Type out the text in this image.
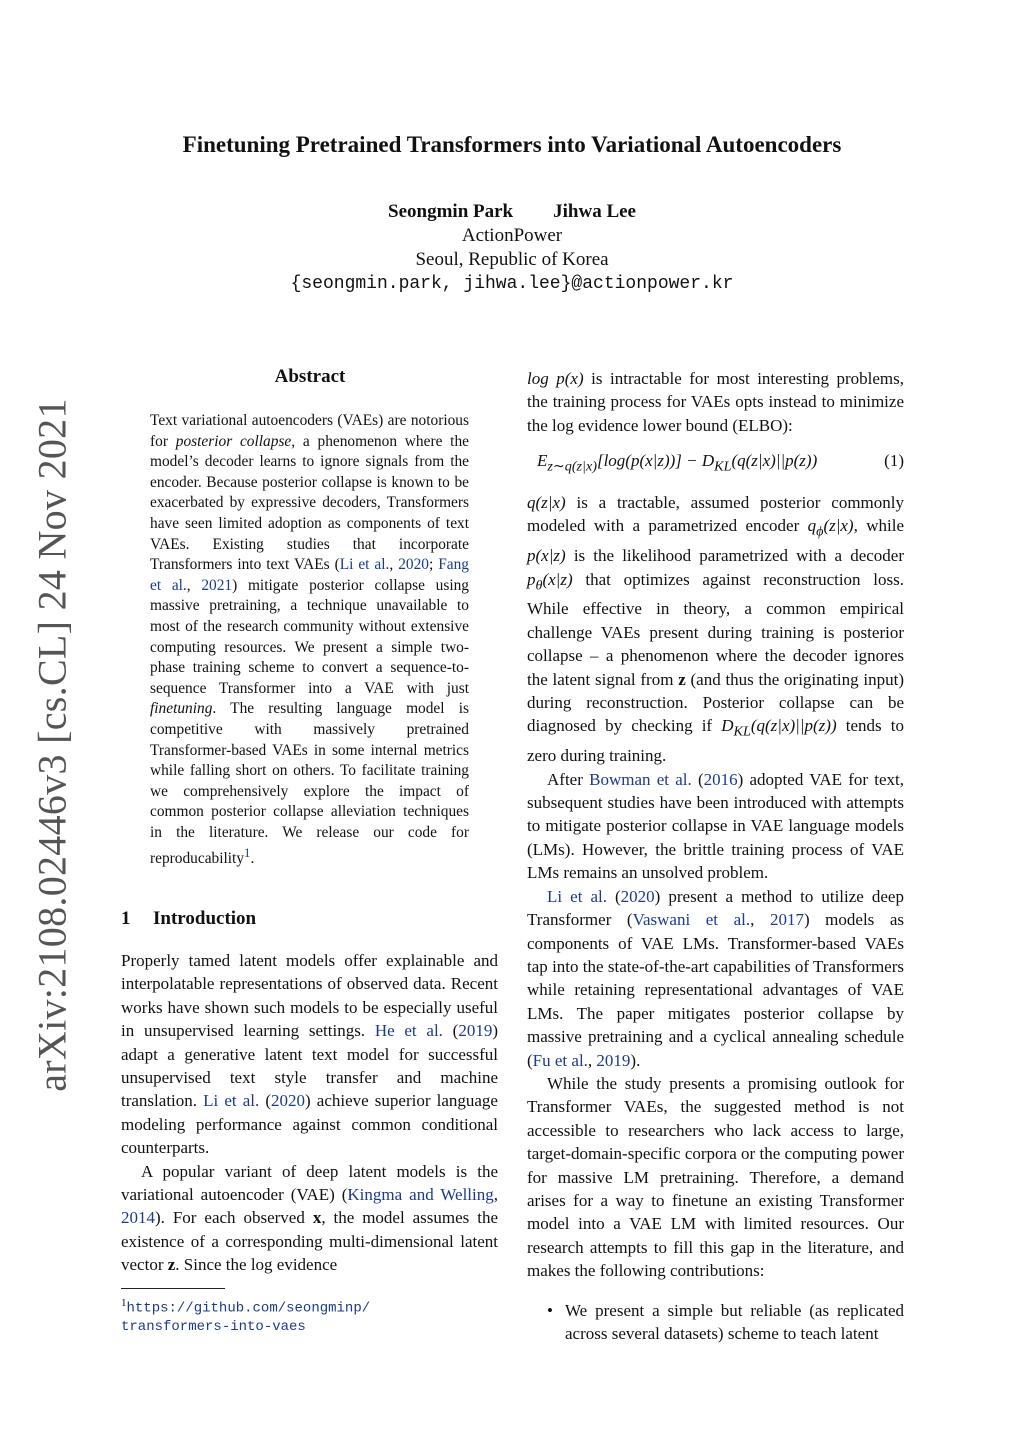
arXiv:2108.02446v3 [cs.CL] 24 Nov 2021
Finetuning Pretrained Transformers into Variational Autoencoders
Seongmin Park Jihwa Lee
ActionPower
Seoul, Republic of Korea
{seongmin.park, jihwa.lee}@actionpower.kr
Abstract
Text variational autoencoders (VAEs) are notorious for posterior collapse, a phenomenon where the model’s decoder learns to ignore signals from the encoder. Because posterior collapse is known to be exacerbated by expressive decoders, Transformers have seen limited adoption as components of text VAEs. Existing studies that incorporate Transformers into text VAEs (Li et al., 2020; Fang et al., 2021) mitigate posterior collapse using massive pretraining, a technique unavailable to most of the research community without extensive computing resources. We present a simple two-phase training scheme to convert a sequence-to-sequence Transformer into a VAE with just finetuning. The resulting language model is competitive with massively pretrained Transformer-based VAEs in some internal metrics while falling short on others. To facilitate training we comprehensively explore the impact of common posterior collapse alleviation techniques in the literature. We release our code for reproducability$^1$.
1 Introduction

Properly tamed latent models offer explainable and interpolatable representations of observed data. Recent works have shown such models to be especially useful in unsupervised learning settings. He et al. (2019) adapt a generative latent text model for successful unsupervised text style transfer and machine translation. Li et al. (2020) achieve superior language modeling performance against common conditional counterparts.

A popular variant of deep latent models is the variational autoencoder (VAE) (Kingma and Welling, 2014). For each observed x, the model assumes the existence of a corresponding multi-dimensional latent vector z. Since the log evidence

$^1$https://github.com/seongminp/
transformers-into-vaes

log p(x) is intractable for most interesting problems, the training process for VAEs opts instead to minimize the log evidence lower bound (ELBO):

$E_{z\sim q(z|x)}[\log(p(x|z))] - D_{KL}(q(z|x)||p(z))$	(1)

q(z|x) is a tractable, assumed posterior commonly modeled with a parametrized encoder $q_\phi(z|x)$, while p(x|z) is the likelihood parametrized with a decoder $p_\theta(x|z)$ that optimizes against reconstruction loss. While effective in theory, a common empirical challenge VAEs present during training is posterior collapse – a phenomenon where the decoder ignores the latent signal from z (and thus the originating input) during reconstruction. Posterior collapse can be diagnosed by checking if $D_{KL}(q(z|x)||p(z))$ tends to zero during training.

After Bowman et al. (2016) adopted VAE for text, subsequent studies have been introduced with attempts to mitigate posterior collapse in VAE language models (LMs). However, the brittle training process of VAE LMs remains an unsolved problem.

Li et al. (2020) present a method to utilize deep Transformer (Vaswani et al., 2017) models as components of VAE LMs. Transformer-based VAEs tap into the state-of-the-art capabilities of Transformers while retaining representational advantages of VAE LMs. The paper mitigates posterior collapse by massive pretraining and a cyclical annealing schedule (Fu et al., 2019).

While the study presents a promising outlook for Transformer VAEs, the suggested method is not accessible to researchers who lack access to large, target-domain-specific corpora or the computing power for massive LM pretraining. Therefore, a demand arises for a way to finetune an existing Transformer model into a VAE LM with limited resources. Our research attempts to fill this gap in the literature, and makes the following contributions:

• We present a simple but reliable (as replicated across several datasets) scheme to teach latent
